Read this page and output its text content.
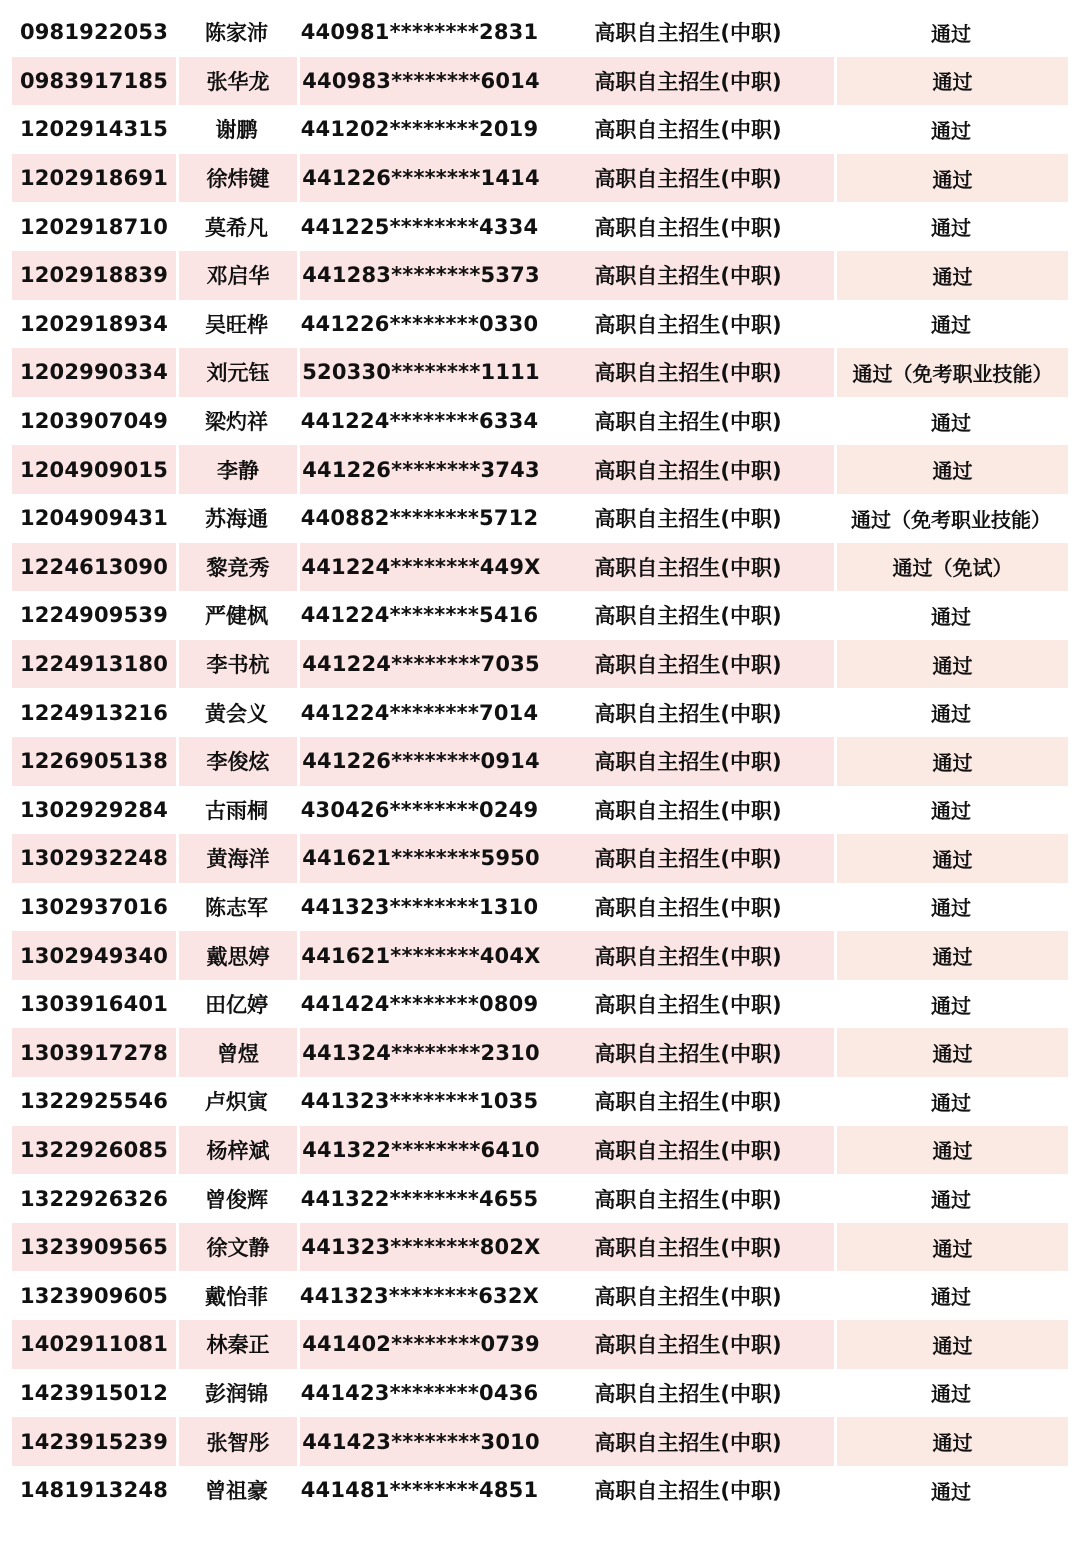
0981922053	陈家沛	440981********2831	高职自主招生(中职)	通过
0983917185	张华龙	440983********6014	高职自主招生(中职)	通过
1202914315	谢鹏	441202********2019	高职自主招生(中职)	通过
1202918691	徐炜键	441226********1414	高职自主招生(中职)	通过
1202918710	莫希凡	441225********4334	高职自主招生(中职)	通过
1202918839	邓启华	441283********5373	高职自主招生(中职)	通过
1202918934	吴旺桦	441226********0330	高职自主招生(中职)	通过
1202990334	刘元钰	520330********1111	高职自主招生(中职)	通过（免考职业技能）
1203907049	梁灼祥	441224********6334	高职自主招生(中职)	通过
1204909015	李静	441226********3743	高职自主招生(中职)	通过
1204909431	苏海通	440882********5712	高职自主招生(中职)	通过（免考职业技能）
1224613090	黎竞秀	441224********449X	高职自主招生(中职)	通过（免试）
1224909539	严健枫	441224********5416	高职自主招生(中职)	通过
1224913180	李书杭	441224********7035	高职自主招生(中职)	通过
1224913216	黄会义	441224********7014	高职自主招生(中职)	通过
1226905138	李俊炫	441226********0914	高职自主招生(中职)	通过
1302929284	古雨桐	430426********0249	高职自主招生(中职)	通过
1302932248	黄海洋	441621********5950	高职自主招生(中职)	通过
1302937016	陈志军	441323********1310	高职自主招生(中职)	通过
1302949340	戴思婷	441621********404X	高职自主招生(中职)	通过
1303916401	田亿婷	441424********0809	高职自主招生(中职)	通过
1303917278	曾煜	441324********2310	高职自主招生(中职)	通过
1322925546	卢炽寅	441323********1035	高职自主招生(中职)	通过
1322926085	杨梓斌	441322********6410	高职自主招生(中职)	通过
1322926326	曾俊辉	441322********4655	高职自主招生(中职)	通过
1323909565	徐文静	441323********802X	高职自主招生(中职)	通过
1323909605	戴怡菲	441323********632X	高职自主招生(中职)	通过
1402911081	林秦正	441402********0739	高职自主招生(中职)	通过
1423915012	彭润锦	441423********0436	高职自主招生(中职)	通过
1423915239	张智彤	441423********3010	高职自主招生(中职)	通过
1481913248	曾祖豪	441481********4851	高职自主招生(中职)	通过
